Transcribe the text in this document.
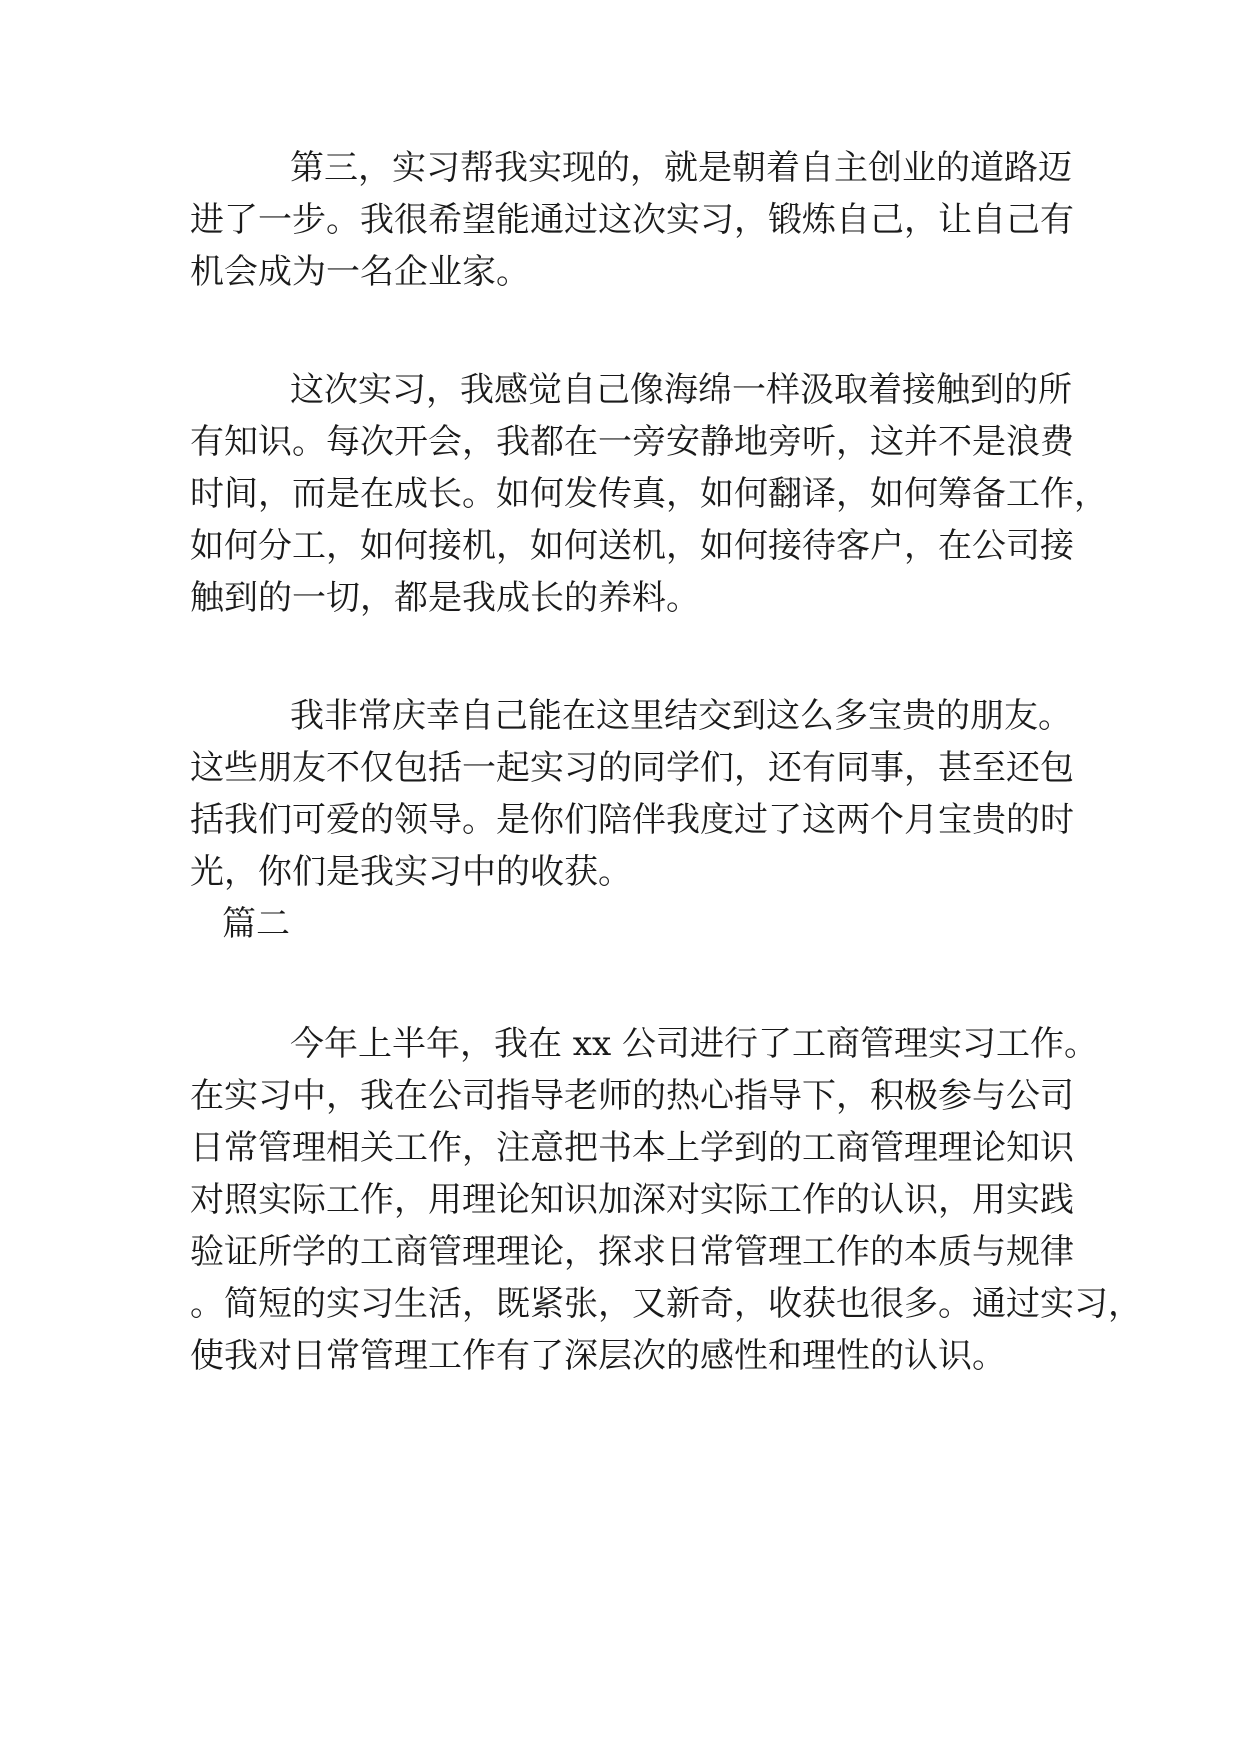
第三，实习帮我实现的，就是朝着自主创业的道路迈

进了一步。我很希望能通过这次实习，锻炼自己，让自己有

机会成为一名企业家。

这次实习，我感觉自己像海绵一样汲取着接触到的所

有知识。每次开会，我都在一旁安静地旁听，这并不是浪费

时间，而是在成长。如何发传真，如何翻译，如何筹备工作，

如何分工，如何接机，如何送机，如何接待客户，在公司接

触到的一切，都是我成长的养料。

我非常庆幸自己能在这里结交到这么多宝贵的朋友。

这些朋友不仅包括一起实习的同学们，还有同事，甚至还包

括我们可爱的领导。是你们陪伴我度过了这两个月宝贵的时

光，你们是我实习中的收获。

篇二

今年上半年，我在 xx 公司进行了工商管理实习工作。

在实习中，我在公司指导老师的热心指导下，积极参与公司

日常管理相关工作，注意把书本上学到的工商管理理论知识

对照实际工作，用理论知识加深对实际工作的认识，用实践

验证所学的工商管理理论，探求日常管理工作的本质与规律

。简短的实习生活，既紧张，又新奇，收获也很多。通过实习，

使我对日常管理工作有了深层次的感性和理性的认识。
